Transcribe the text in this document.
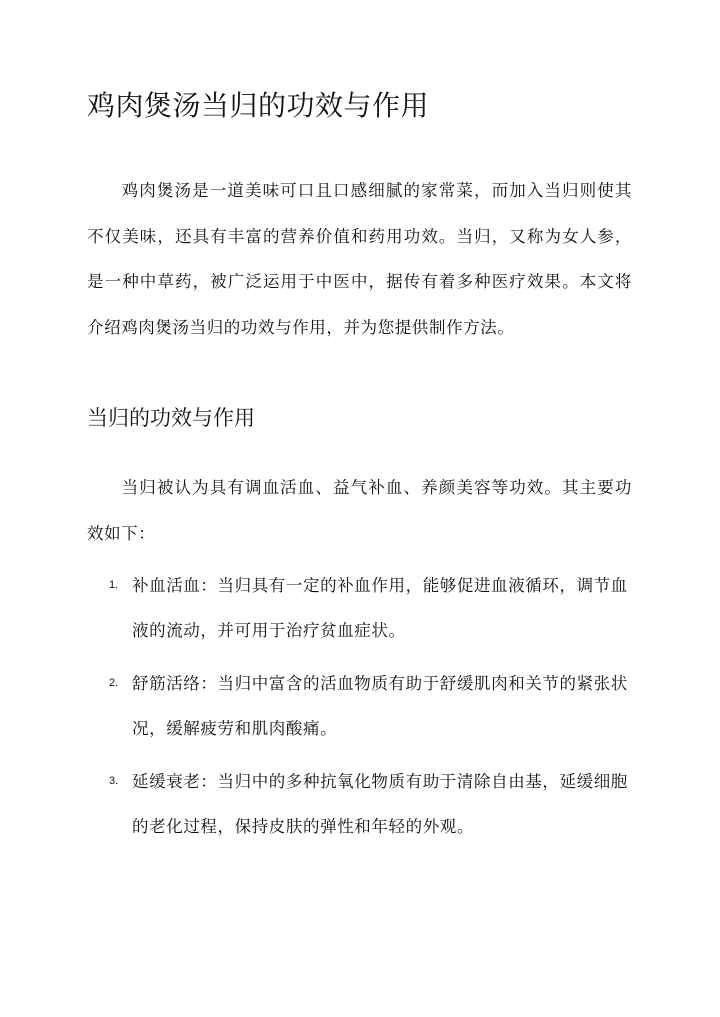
鸡肉煲汤当归的功效与作用

鸡肉煲汤是一道美味可口且口感细腻的家常菜，而加入当归则使其不仅美味，还具有丰富的营养价值和药用功效。当归，又称为女人参，是一种中草药，被广泛运用于中医中，据传有着多种医疗效果。本文将介绍鸡肉煲汤当归的功效与作用，并为您提供制作方法。

当归的功效与作用

当归被认为具有调血活血、益气补血、养颜美容等功效。其主要功效如下：

1. 补血活血：当归具有一定的补血作用，能够促进血液循环，调节血液的流动，并可用于治疗贫血症状。
2. 舒筋活络：当归中富含的活血物质有助于舒缓肌肉和关节的紧张状况，缓解疲劳和肌肉酸痛。
3. 延缓衰老：当归中的多种抗氧化物质有助于清除自由基，延缓细胞的老化过程，保持皮肤的弹性和年轻的外观。
